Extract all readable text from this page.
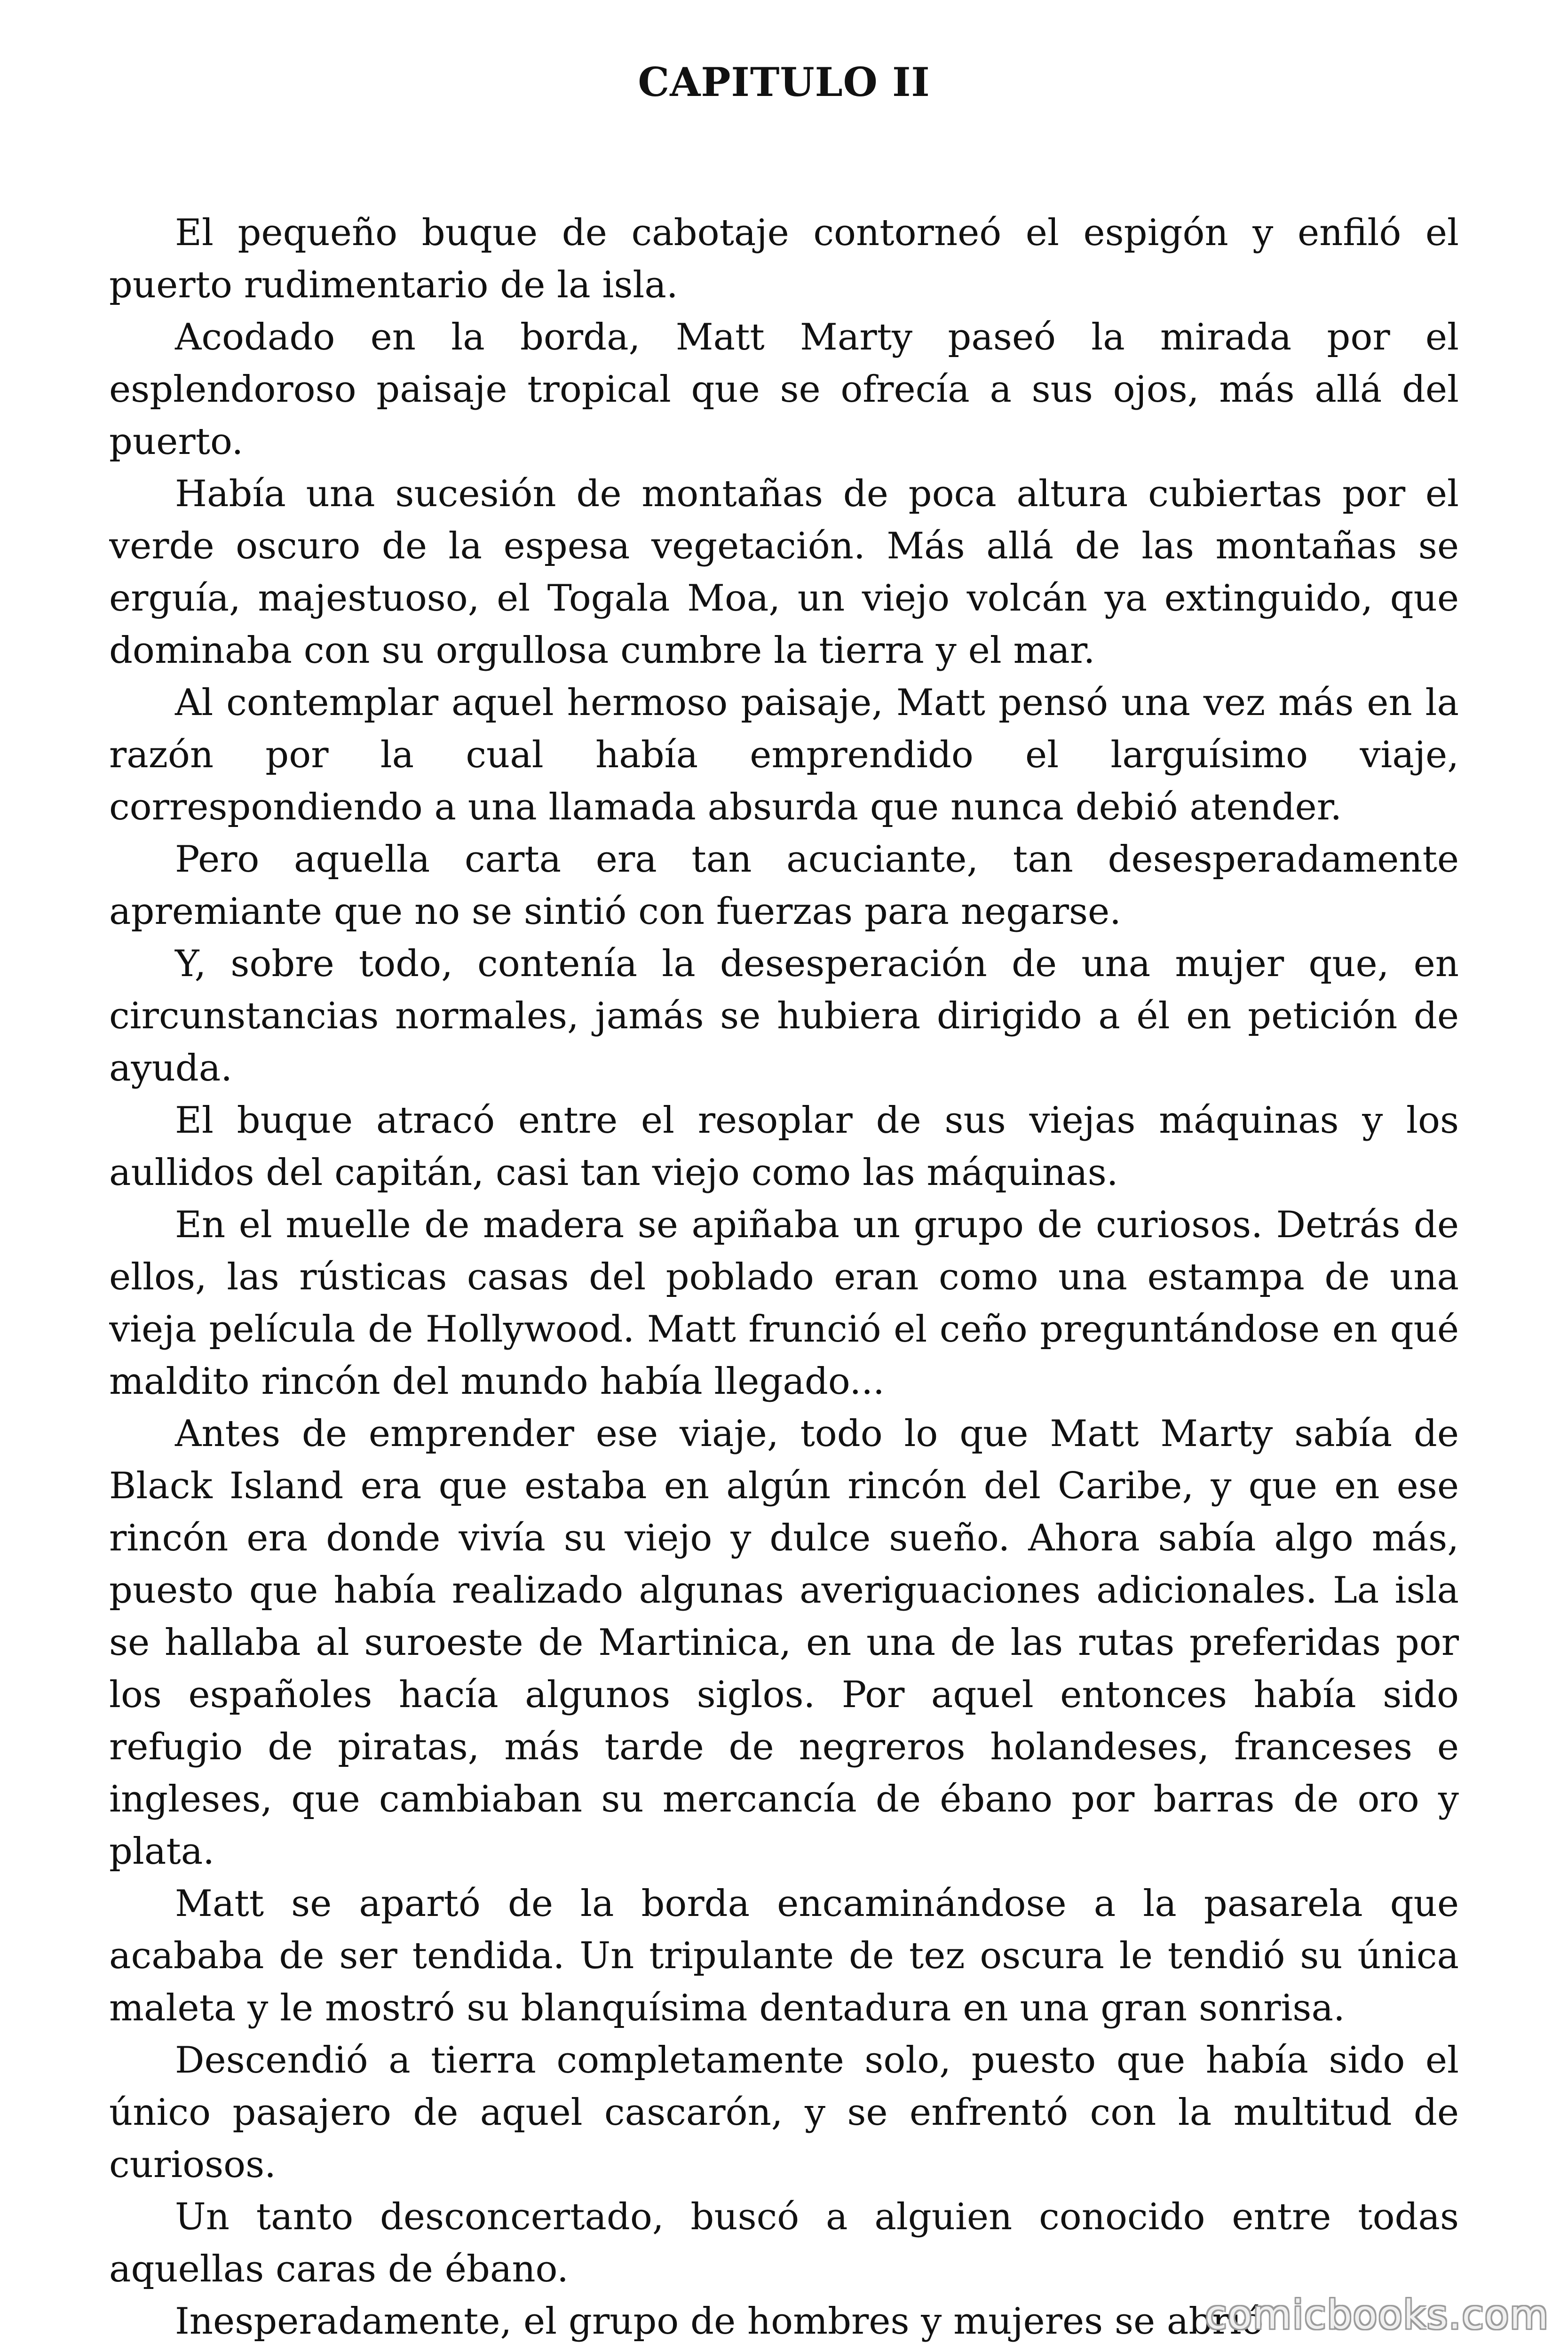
CAPITULO II

El pequeño buque de cabotaje contorneó el espigón y enfiló el puerto rudimentario de la isla.

Acodado en la borda, Matt Marty paseó la mirada por el esplendoroso paisaje tropical que se ofrecía a sus ojos, más allá del puerto.

Había una sucesión de montañas de poca altura cubiertas por el verde oscuro de la espesa vegetación. Más allá de las montañas se erguía, majestuoso, el Togala Moa, un viejo volcán ya extinguido, que dominaba con su orgullosa cumbre la tierra y el mar.

Al contemplar aquel hermoso paisaje, Matt pensó una vez más en la razón por la cual había emprendido el larguísimo viaje, correspondiendo a una llamada absurda que nunca debió atender.

Pero aquella carta era tan acuciante, tan desesperadamente apremiante que no se sintió con fuerzas para negarse.

Y, sobre todo, contenía la desesperación de una mujer que, en circunstancias normales, jamás se hubiera dirigido a él en petición de ayuda.

El buque atracó entre el resoplar de sus viejas máquinas y los aullidos del capitán, casi tan viejo como las máquinas.

En el muelle de madera se apiñaba un grupo de curiosos. Detrás de ellos, las rústicas casas del poblado eran como una estampa de una vieja película de Hollywood. Matt frunció el ceño preguntándose en qué maldito rincón del mundo había llegado...

Antes de emprender ese viaje, todo lo que Matt Marty sabía de Black Island era que estaba en algún rincón del Caribe, y que en ese rincón era donde vivía su viejo y dulce sueño. Ahora sabía algo más, puesto que había realizado algunas averiguaciones adicionales. La isla se hallaba al suroeste de Martinica, en una de las rutas preferidas por los españoles hacía algunos siglos. Por aquel entonces había sido refugio de piratas, más tarde de negreros holandeses, franceses e ingleses, que cambiaban su mercancía de ébano por barras de oro y plata.

Matt se apartó de la borda encaminándose a la pasarela que acababa de ser tendida. Un tripulante de tez oscura le tendió su única maleta y le mostró su blanquísima dentadura en una gran sonrisa.

Descendió a tierra completamente solo, puesto que había sido el único pasajero de aquel cascarón, y se enfrentó con la multitud de curiosos.

Un tanto desconcertado, buscó a alguien conocido entre todas aquellas caras de ébano.

Inesperadamente, el grupo de hombres y mujeres se abrió

comicbooks.com
